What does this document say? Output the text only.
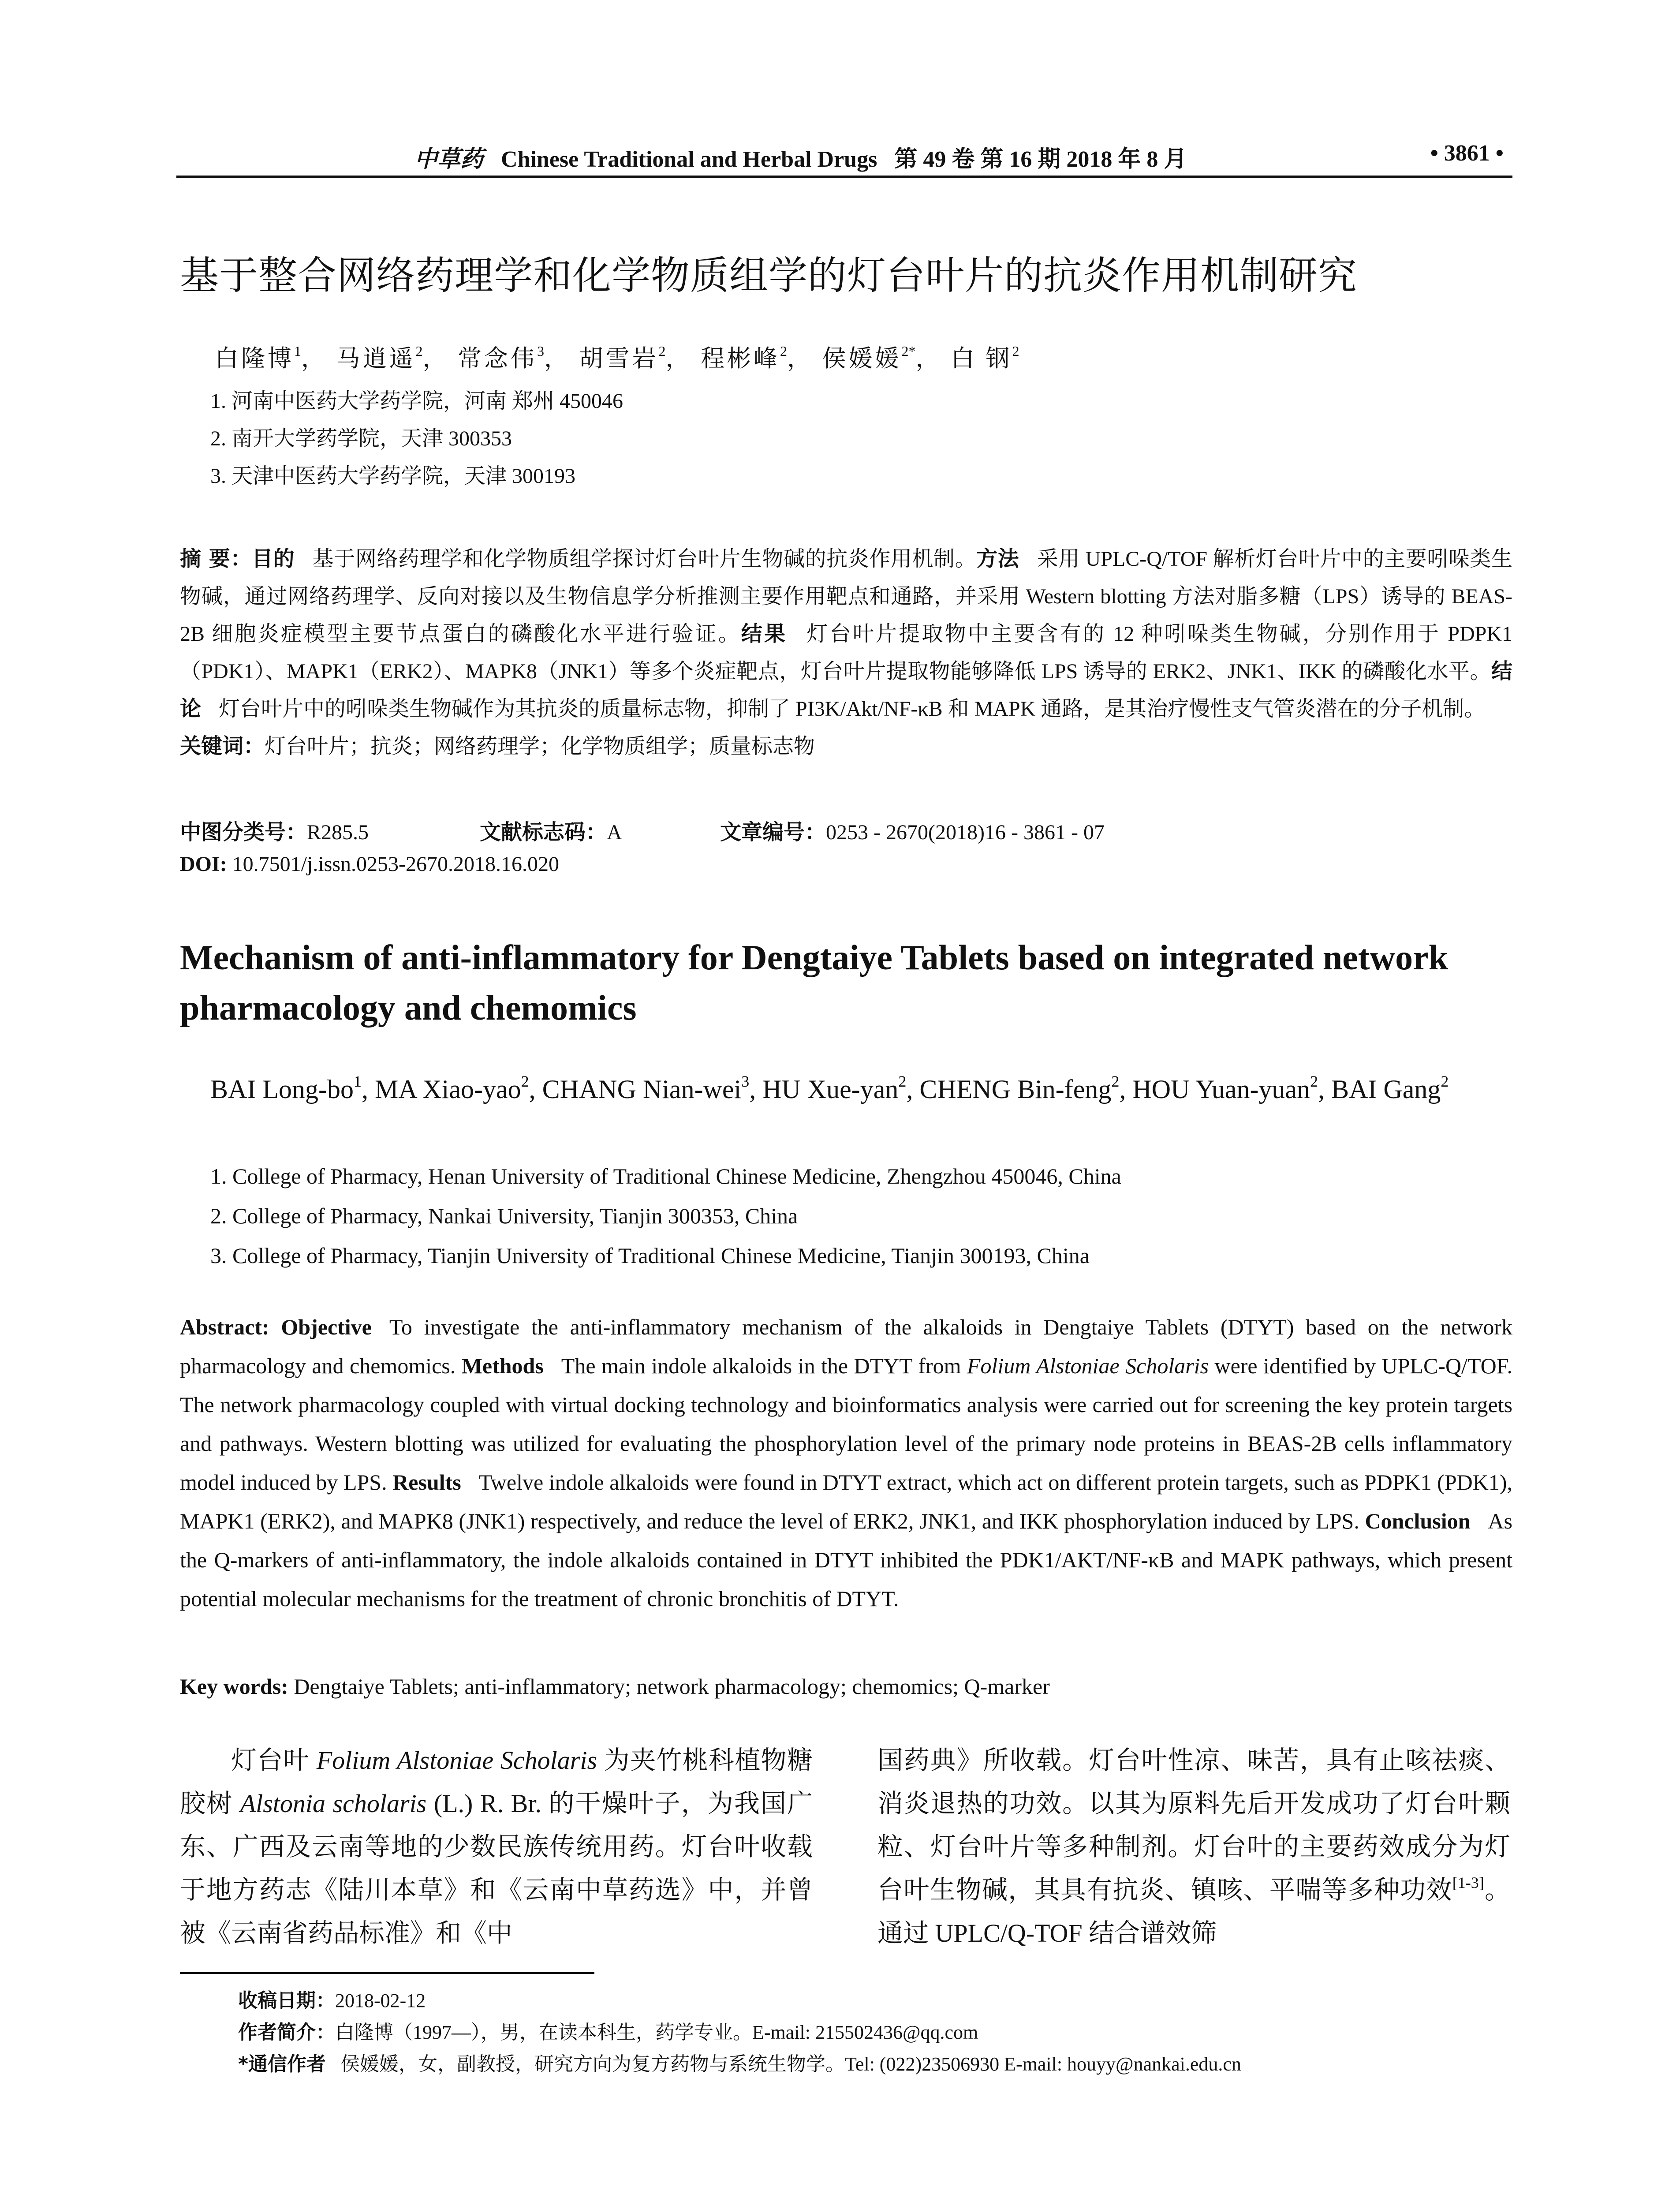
中草药 Chinese Traditional and Herbal Drugs 第 49 卷 第 16 期 2018 年 8 月	• 3861 •
基于整合网络药理学和化学物质组学的灯台叶片的抗炎作用机制研究
白隆博$^1$， 马逍遥$^2$， 常念伟$^3$， 胡雪岩$^2$， 程彬峰$^2$， 侯媛媛$^{2*}$， 白 钢$^2$
1. 河南中医药大学药学院，河南 郑州 450046
2. 南开大学药学院，天津 300353
3. 天津中医药大学药学院，天津 300193
摘 要：目的 基于网络药理学和化学物质组学探讨灯台叶片生物碱的抗炎作用机制。方法 采用 UPLC-Q/TOF 解析灯台叶片中的主要吲哚类生物碱，通过网络药理学、反向对接以及生物信息学分析推测主要作用靶点和通路，并采用 Western blotting 方法对脂多糖（LPS）诱导的 BEAS-2B 细胞炎症模型主要节点蛋白的磷酸化水平进行验证。结果 灯台叶片提取物中主要含有的 12 种吲哚类生物碱，分别作用于 PDPK1（PDK1）、MAPK1（ERK2）、MAPK8（JNK1）等多个炎症靶点，灯台叶片提取物能够降低 LPS 诱导的 ERK2、JNK1、IKK 的磷酸化水平。结论 灯台叶片中的吲哚类生物碱作为其抗炎的质量标志物，抑制了 PI3K/Akt/NF-κB 和 MAPK 通路，是其治疗慢性支气管炎潜在的分子机制。
关键词：灯台叶片；抗炎；网络药理学；化学物质组学；质量标志物
中图分类号：R285.5	文献标志码：A	文章编号：0253 - 2670(2018)16 - 3861 - 07
DOI: 10.7501/j.issn.0253-2670.2018.16.020
Mechanism of anti-inflammatory for Dengtaiye Tablets based on integrated network pharmacology and chemomics
BAI Long-$bo^1$, MA Xiao-yao$^2$, CHANG Nian-wei$^3$, HU Xue-yan$^2$, CHENG Bin-feng$^2$, HOU Yuan-yuan$^2$, BAI Gang$^2$
1. College of Pharmacy, Henan University of Traditional Chinese Medicine, Zhengzhou 450046, China
2. College of Pharmacy, Nankai University, Tianjin 300353, China
3. College of Pharmacy, Tianjin University of Traditional Chinese Medicine, Tianjin 300193, China
Abstract: Objective To investigate the anti-inflammatory mechanism of the alkaloids in Dengtaiye Tablets (DTYT) based on the network pharmacology and chemomics. Methods The main indole alkaloids in the DTYT from Folium Alstoniae Scholaris were identified by UPLC-Q/TOF. The network pharmacology coupled with virtual docking technology and bioinformatics analysis were carried out for screening the key protein targets and pathways. Western blotting was utilized for evaluating the phosphorylation level of the primary node proteins in BEAS-2B cells inflammatory model induced by LPS. Results Twelve indole alkaloids were found in DTYT extract, which act on different protein targets, such as PDPK1 (PDK1), MAPK1 (ERK2), and MAPK8 (JNK1) respectively, and reduce the level of ERK2, JNK1, and IKK phosphorylation induced by LPS. Conclusion As the Q-markers of anti-inflammatory, the indole alkaloids contained in DTYT inhibited the PDK1/AKT/NF-κB and MAPK pathways, which present potential molecular mechanisms for the treatment of chronic bronchitis of DTYT.
Key words: Dengtaiye Tablets; anti-inflammatory; network pharmacology; chemomics; Q-marker
灯台叶 Folium Alstoniae Scholaris 为夹竹桃科植物糖胶树 Alstonia scholaris (L.) R. Br. 的干燥叶子，为我国广东、广西及云南等地的少数民族传统用药。灯台叶收载于地方药志《陆川本草》和《云南中草药选》中，并曾被《云南省药品标准》和《中
国药典》所收载。灯台叶性凉、味苦，具有止咳祛痰、消炎退热的功效。以其为原料先后开发成功了灯台叶颗粒、灯台叶片等多种制剂。灯台叶的主要药效成分为灯台叶生物碱，其具有抗炎、镇咳、平喘等多种功效[1-3]。通过 UPLC/Q-TOF 结合谱效筛
收稿日期：2018-02-12
作者简介：白隆博（1997—），男，在读本科生，药学专业。E-mail: 215502436@qq.com
*通信作者 侯媛媛，女，副教授，研究方向为复方药物与系统生物学。Tel: (022)23506930 E-mail: houyy@nankai.edu.cn
